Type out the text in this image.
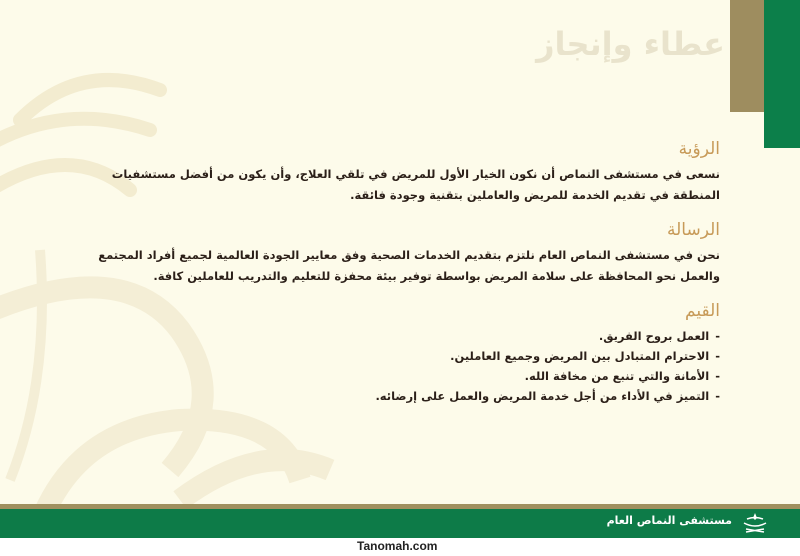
عطاء وإنجاز
الرؤية

نسعى في مستشفى النماص أن نكون الخيار الأول للمريض في تلقي العلاج، وأن يكون من أفضل مستشفيات المنطقة في تقديم الخدمة للمريض والعاملين بتقنية وجودة فائقة.

الرسالة

نحن في مستشفى النماص العام نلتزم بتقديم الخدمات الصحية وفق معايير الجودة العالمية لجميع أفراد المجتمع والعمل نحو المحافظة على سلامة المريض بواسطة توفير بيئة محفزة للتعليم والتدريب للعاملين كافة.

القيم
-العمل بروح الفريق.
-الاحترام المتبادل بين المريض وجميع العاملين.
-الأمانة والتي تنبع من مخافة الله.
-التميز في الأداء من أجل خدمة المريض والعمل على إرضائه.
مستشفى النماص العام
Tanomah.com
